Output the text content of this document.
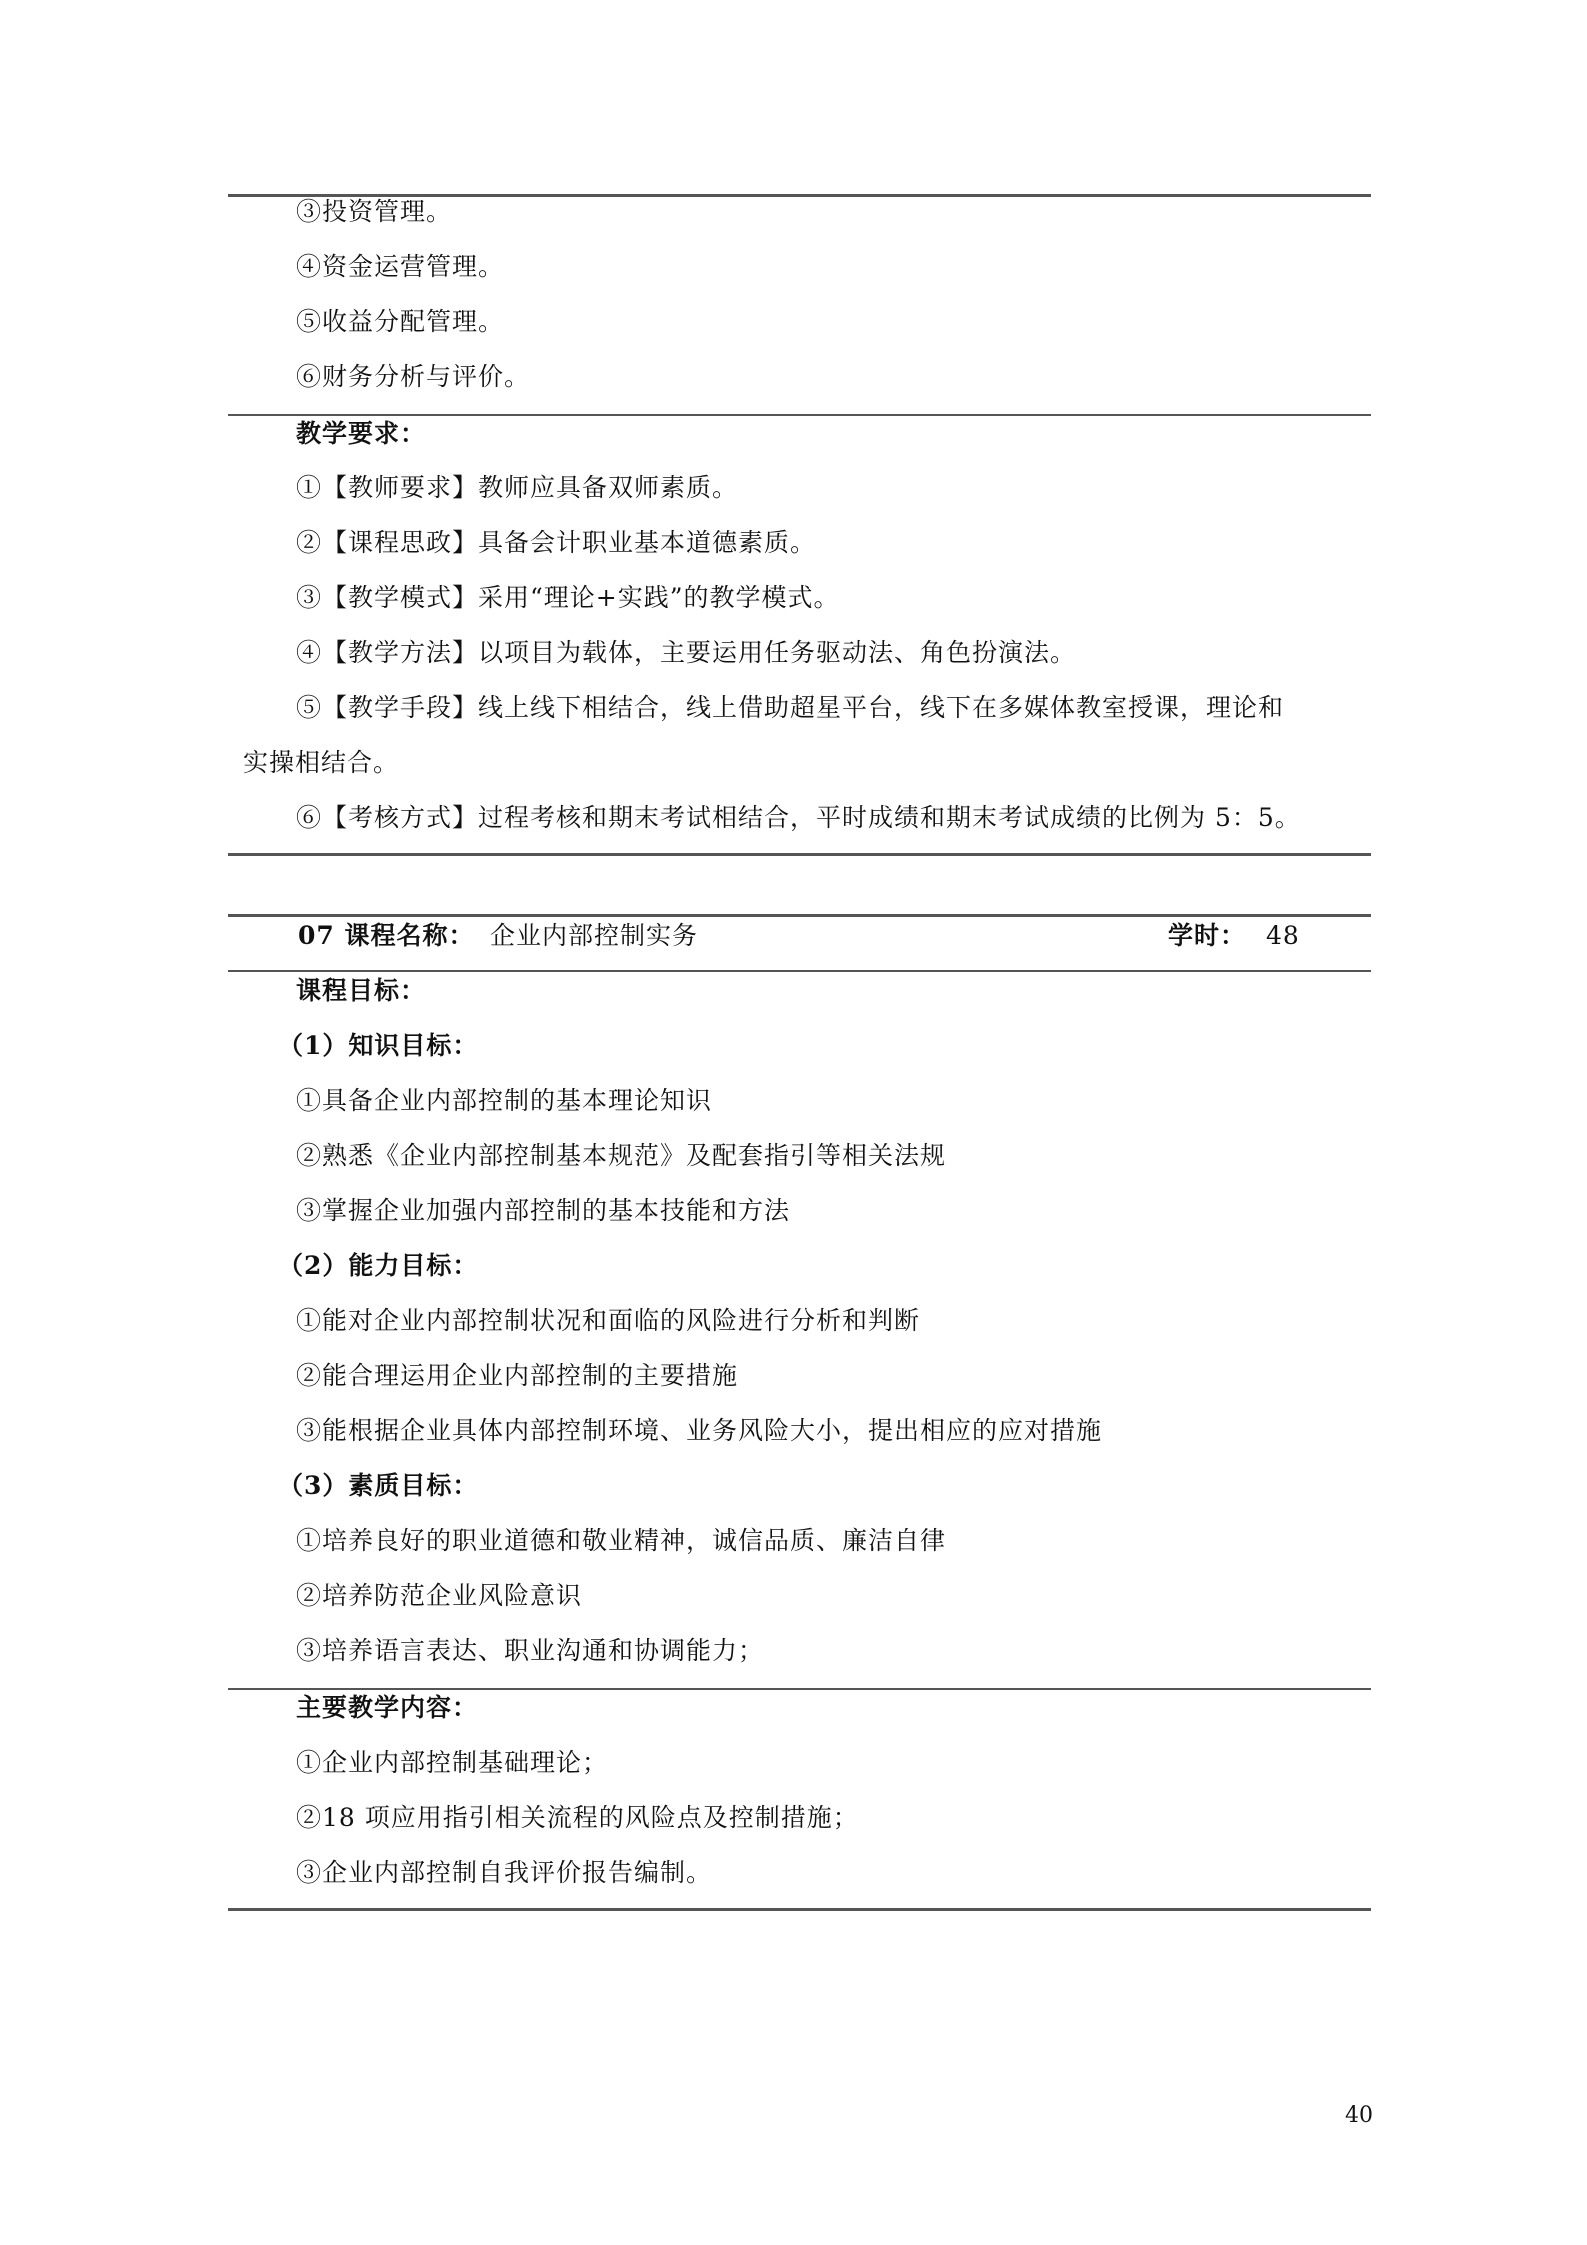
③投资管理。
④资金运营管理。
⑤收益分配管理。
⑥财务分析与评价。
教学要求：
①【教师要求】教师应具备双师素质。
②【课程思政】具备会计职业基本道德素质。
③【教学模式】采用“理论+实践”的教学模式。
④【教学方法】以项目为载体，主要运用任务驱动法、角色扮演法。
⑤【教学手段】线上线下相结合，线上借助超星平台，线下在多媒体教室授课，理论和
实操相结合。
⑥【考核方式】过程考核和期末考试相结合，平时成绩和期末考试成绩的比例为 5：5。
07 课程名称： 企业内部控制实务	学时： 48
课程目标：
（1）知识目标：
①具备企业内部控制的基本理论知识
②熟悉《企业内部控制基本规范》及配套指引等相关法规
③掌握企业加强内部控制的基本技能和方法
（2）能力目标：
①能对企业内部控制状况和面临的风险进行分析和判断
②能合理运用企业内部控制的主要措施
③能根据企业具体内部控制环境、业务风险大小，提出相应的应对措施
（3）素质目标：
①培养良好的职业道德和敬业精神，诚信品质、廉洁自律
②培养防范企业风险意识
③培养语言表达、职业沟通和协调能力；
主要教学内容：
①企业内部控制基础理论；
②18 项应用指引相关流程的风险点及控制措施；
③企业内部控制自我评价报告编制。
40
